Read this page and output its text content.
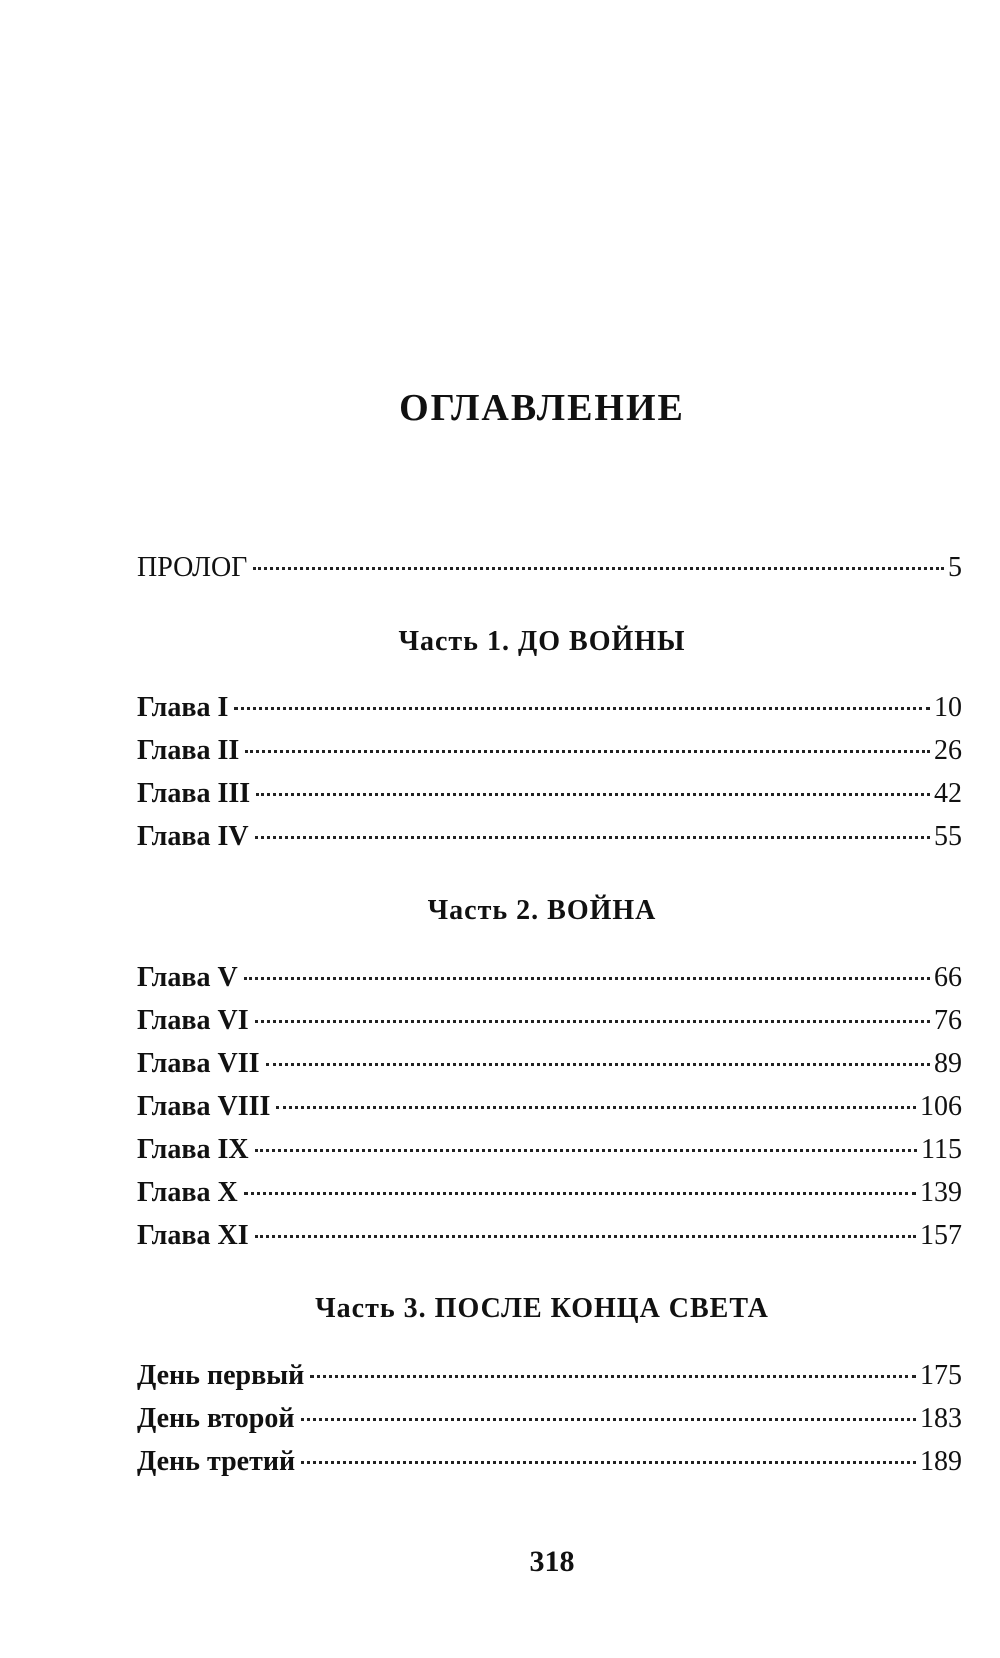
ОГЛАВЛЕНИЕ
ПРОЛОГ	5
Часть 1. ДО ВОЙНЫ
Глава I	10
Глава II	26
Глава III	42
Глава IV	55
Часть 2. ВОЙНА
Глава V	66
Глава VI	76
Глава VII	89
Глава VIII	106
Глава IX	115
Глава X	139
Глава XI	157
Часть 3. ПОСЛЕ КОНЦА СВЕТА
День первый	175
День второй	183
День третий	189
318
